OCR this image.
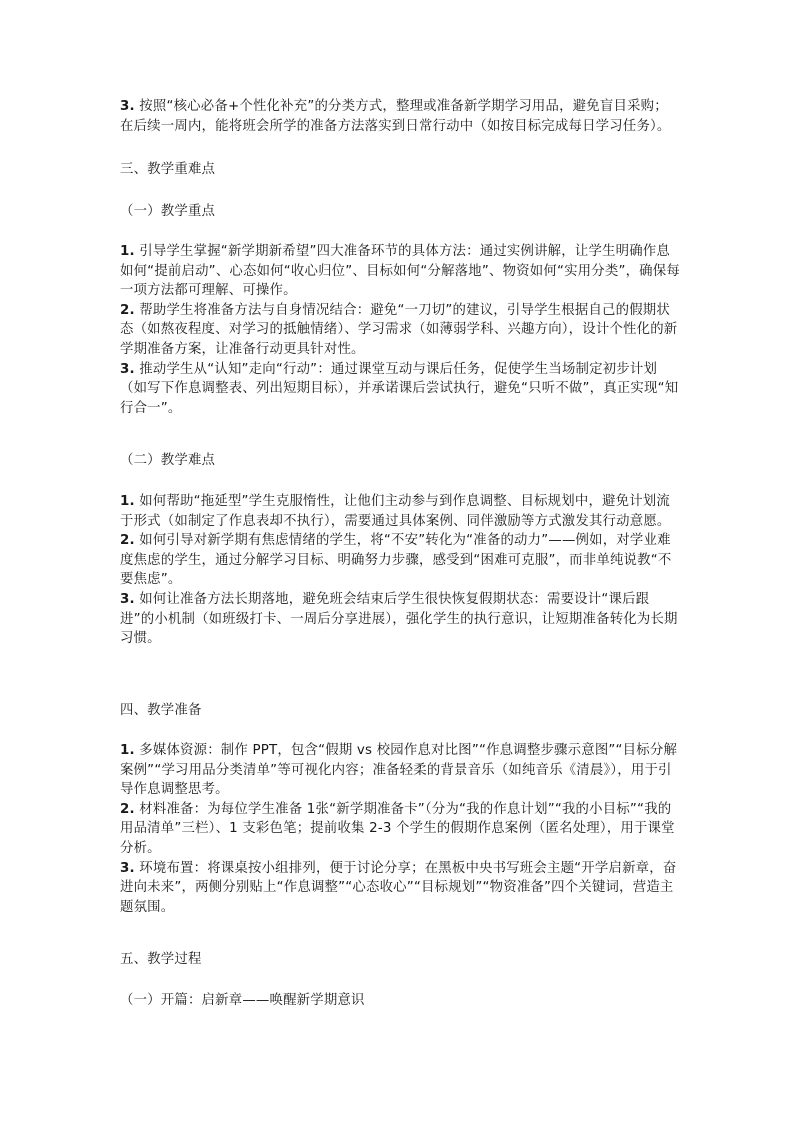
3. 按照“核心必备+个性化补充”的分类方式，整理或准备新学期学习用品，避免盲目采购；在后续一周内，能将班会所学的准备方法落实到日常行动中（如按目标完成每日学习任务）。

三、教学重难点

（一）教学重点

1. 引导学生掌握“新学期新希望”四大准备环节的具体方法：通过实例讲解，让学生明确作息如何“提前启动”、心态如何“收心归位”、目标如何“分解落地”、物资如何“实用分类”，确保每一项方法都可理解、可操作。
2. 帮助学生将准备方法与自身情况结合：避免“一刀切”的建议，引导学生根据自己的假期状态（如熬夜程度、对学习的抵触情绪）、学习需求（如薄弱学科、兴趣方向），设计个性化的新学期准备方案，让准备行动更具针对性。
3. 推动学生从“认知”走向“行动”：通过课堂互动与课后任务，促使学生当场制定初步计划（如写下作息调整表、列出短期目标），并承诺课后尝试执行，避免“只听不做”，真正实现“知行合一”。

（二）教学难点

1. 如何帮助“拖延型”学生克服惰性，让他们主动参与到作息调整、目标规划中，避免计划流于形式（如制定了作息表却不执行），需要通过具体案例、同伴激励等方式激发其行动意愿。
2. 如何引导对新学期有焦虑情绪的学生，将“不安”转化为“准备的动力”——例如，对学业难度焦虑的学生，通过分解学习目标、明确努力步骤，感受到“困难可克服”，而非单纯说教“不要焦虑”。
3. 如何让准备方法长期落地，避免班会结束后学生很快恢复假期状态：需要设计“课后跟进”的小机制（如班级打卡、一周后分享进展），强化学生的执行意识，让短期准备转化为长期习惯。

四、教学准备

1. 多媒体资源：制作 PPT，包含“假期 vs 校园作息对比图”“作息调整步骤示意图”“目标分解案例”“学习用品分类清单”等可视化内容；准备轻柔的背景音乐（如纯音乐《清晨》），用于引导作息调整思考。
2. 材料准备：为每位学生准备 1张“新学期准备卡”（分为“我的作息计划”“我的小目标”“我的用品清单”三栏）、1 支彩色笔；提前收集 2-3 个学生的假期作息案例（匿名处理），用于课堂分析。
3. 环境布置：将课桌按小组排列，便于讨论分享；在黑板中央书写班会主题“开学启新章，奋进向未来”，两侧分别贴上“作息调整”“心态收心”“目标规划”“物资准备”四个关键词，营造主题氛围。

五、教学过程

（一）开篇：启新章——唤醒新学期意识
